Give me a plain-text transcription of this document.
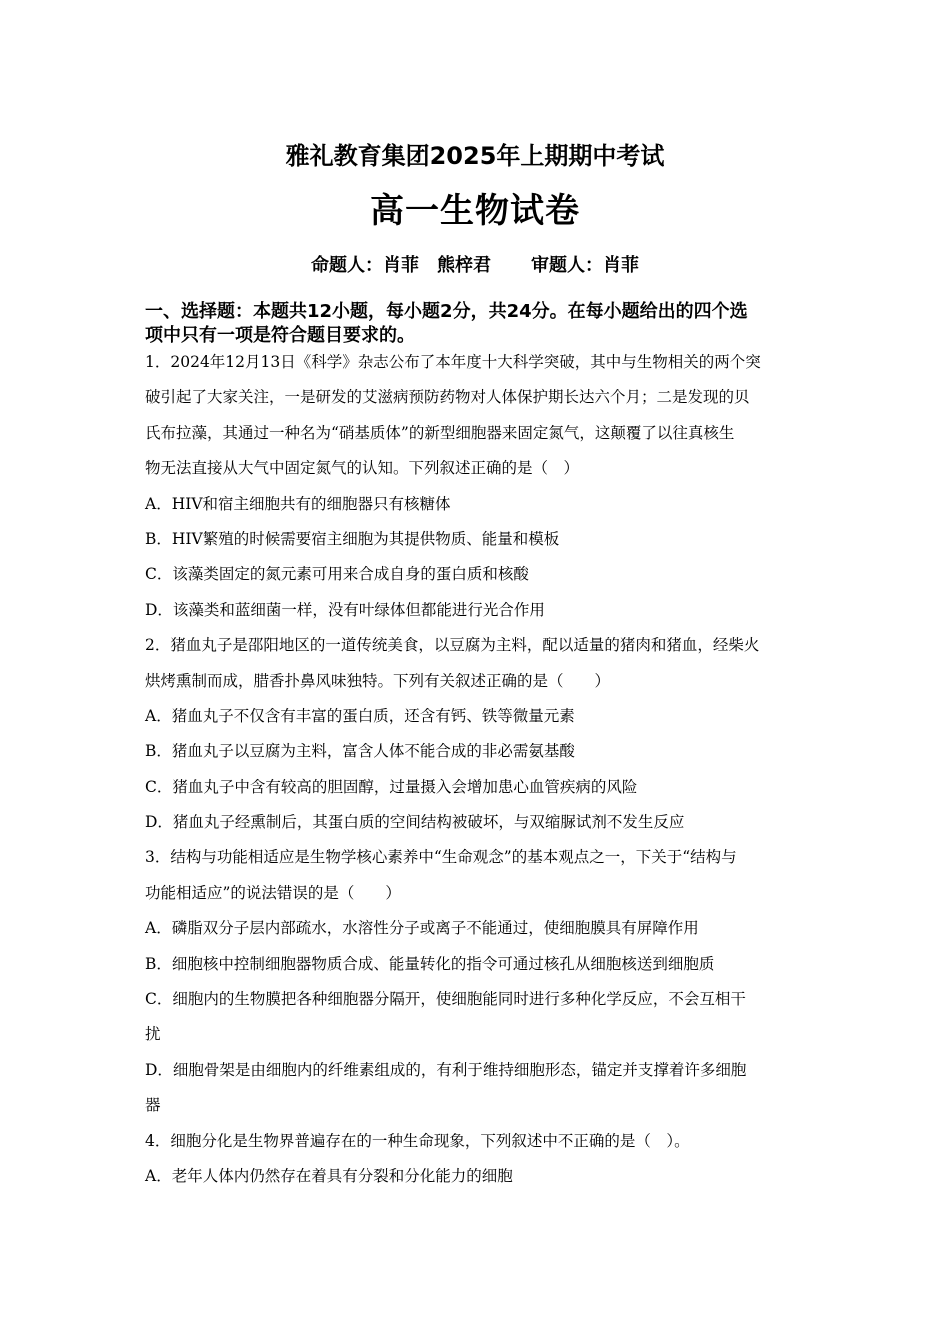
雅礼教育集团2025年上期期中考试
高一生物试卷
命题人：肖菲　熊梓君 审题人：肖菲
一、选择题：本题共12小题，每小题2分，共24分。在每小题给出的四个选
项中只有一项是符合题目要求的。
1．2024年12月13日《科学》杂志公布了本年度十大科学突破，其中与生物相关的两个突
破引起了大家关注，一是研发的艾滋病预防药物对人体保护期长达六个月；二是发现的贝
氏布拉藻，其通过一种名为“硝基质体”的新型细胞器来固定氮气，这颠覆了以往真核生
物无法直接从大气中固定氮气的认知。下列叙述正确的是（　）
A．HIV和宿主细胞共有的细胞器只有核糖体
B．HIV繁殖的时候需要宿主细胞为其提供物质、能量和模板
C．该藻类固定的氮元素可用来合成自身的蛋白质和核酸
D．该藻类和蓝细菌一样，没有叶绿体但都能进行光合作用
2．猪血丸子是邵阳地区的一道传统美食，以豆腐为主料，配以适量的猪肉和猪血，经柴火
烘烤熏制而成，腊香扑鼻风味独特。下列有关叙述正确的是（　　）
A．猪血丸子不仅含有丰富的蛋白质，还含有钙、铁等微量元素
B．猪血丸子以豆腐为主料，富含人体不能合成的非必需氨基酸
C．猪血丸子中含有较高的胆固醇，过量摄入会增加患心血管疾病的风险
D．猪血丸子经熏制后，其蛋白质的空间结构被破坏，与双缩脲试剂不发生反应
3．结构与功能相适应是生物学核心素养中“生命观念”的基本观点之一，下关于“结构与
功能相适应”的说法错误的是（　　）
A．磷脂双分子层内部疏水，水溶性分子或离子不能通过，使细胞膜具有屏障作用
B．细胞核中控制细胞器物质合成、能量转化的指令可通过核孔从细胞核送到细胞质
C．细胞内的生物膜把各种细胞器分隔开，使细胞能同时进行多种化学反应，不会互相干
扰
D．细胞骨架是由细胞内的纤维素组成的，有利于维持细胞形态，锚定并支撑着许多细胞
器
4．细胞分化是生物界普遍存在的一种生命现象，下列叙述中不正确的是（　）。
A．老年人体内仍然存在着具有分裂和分化能力的细胞
